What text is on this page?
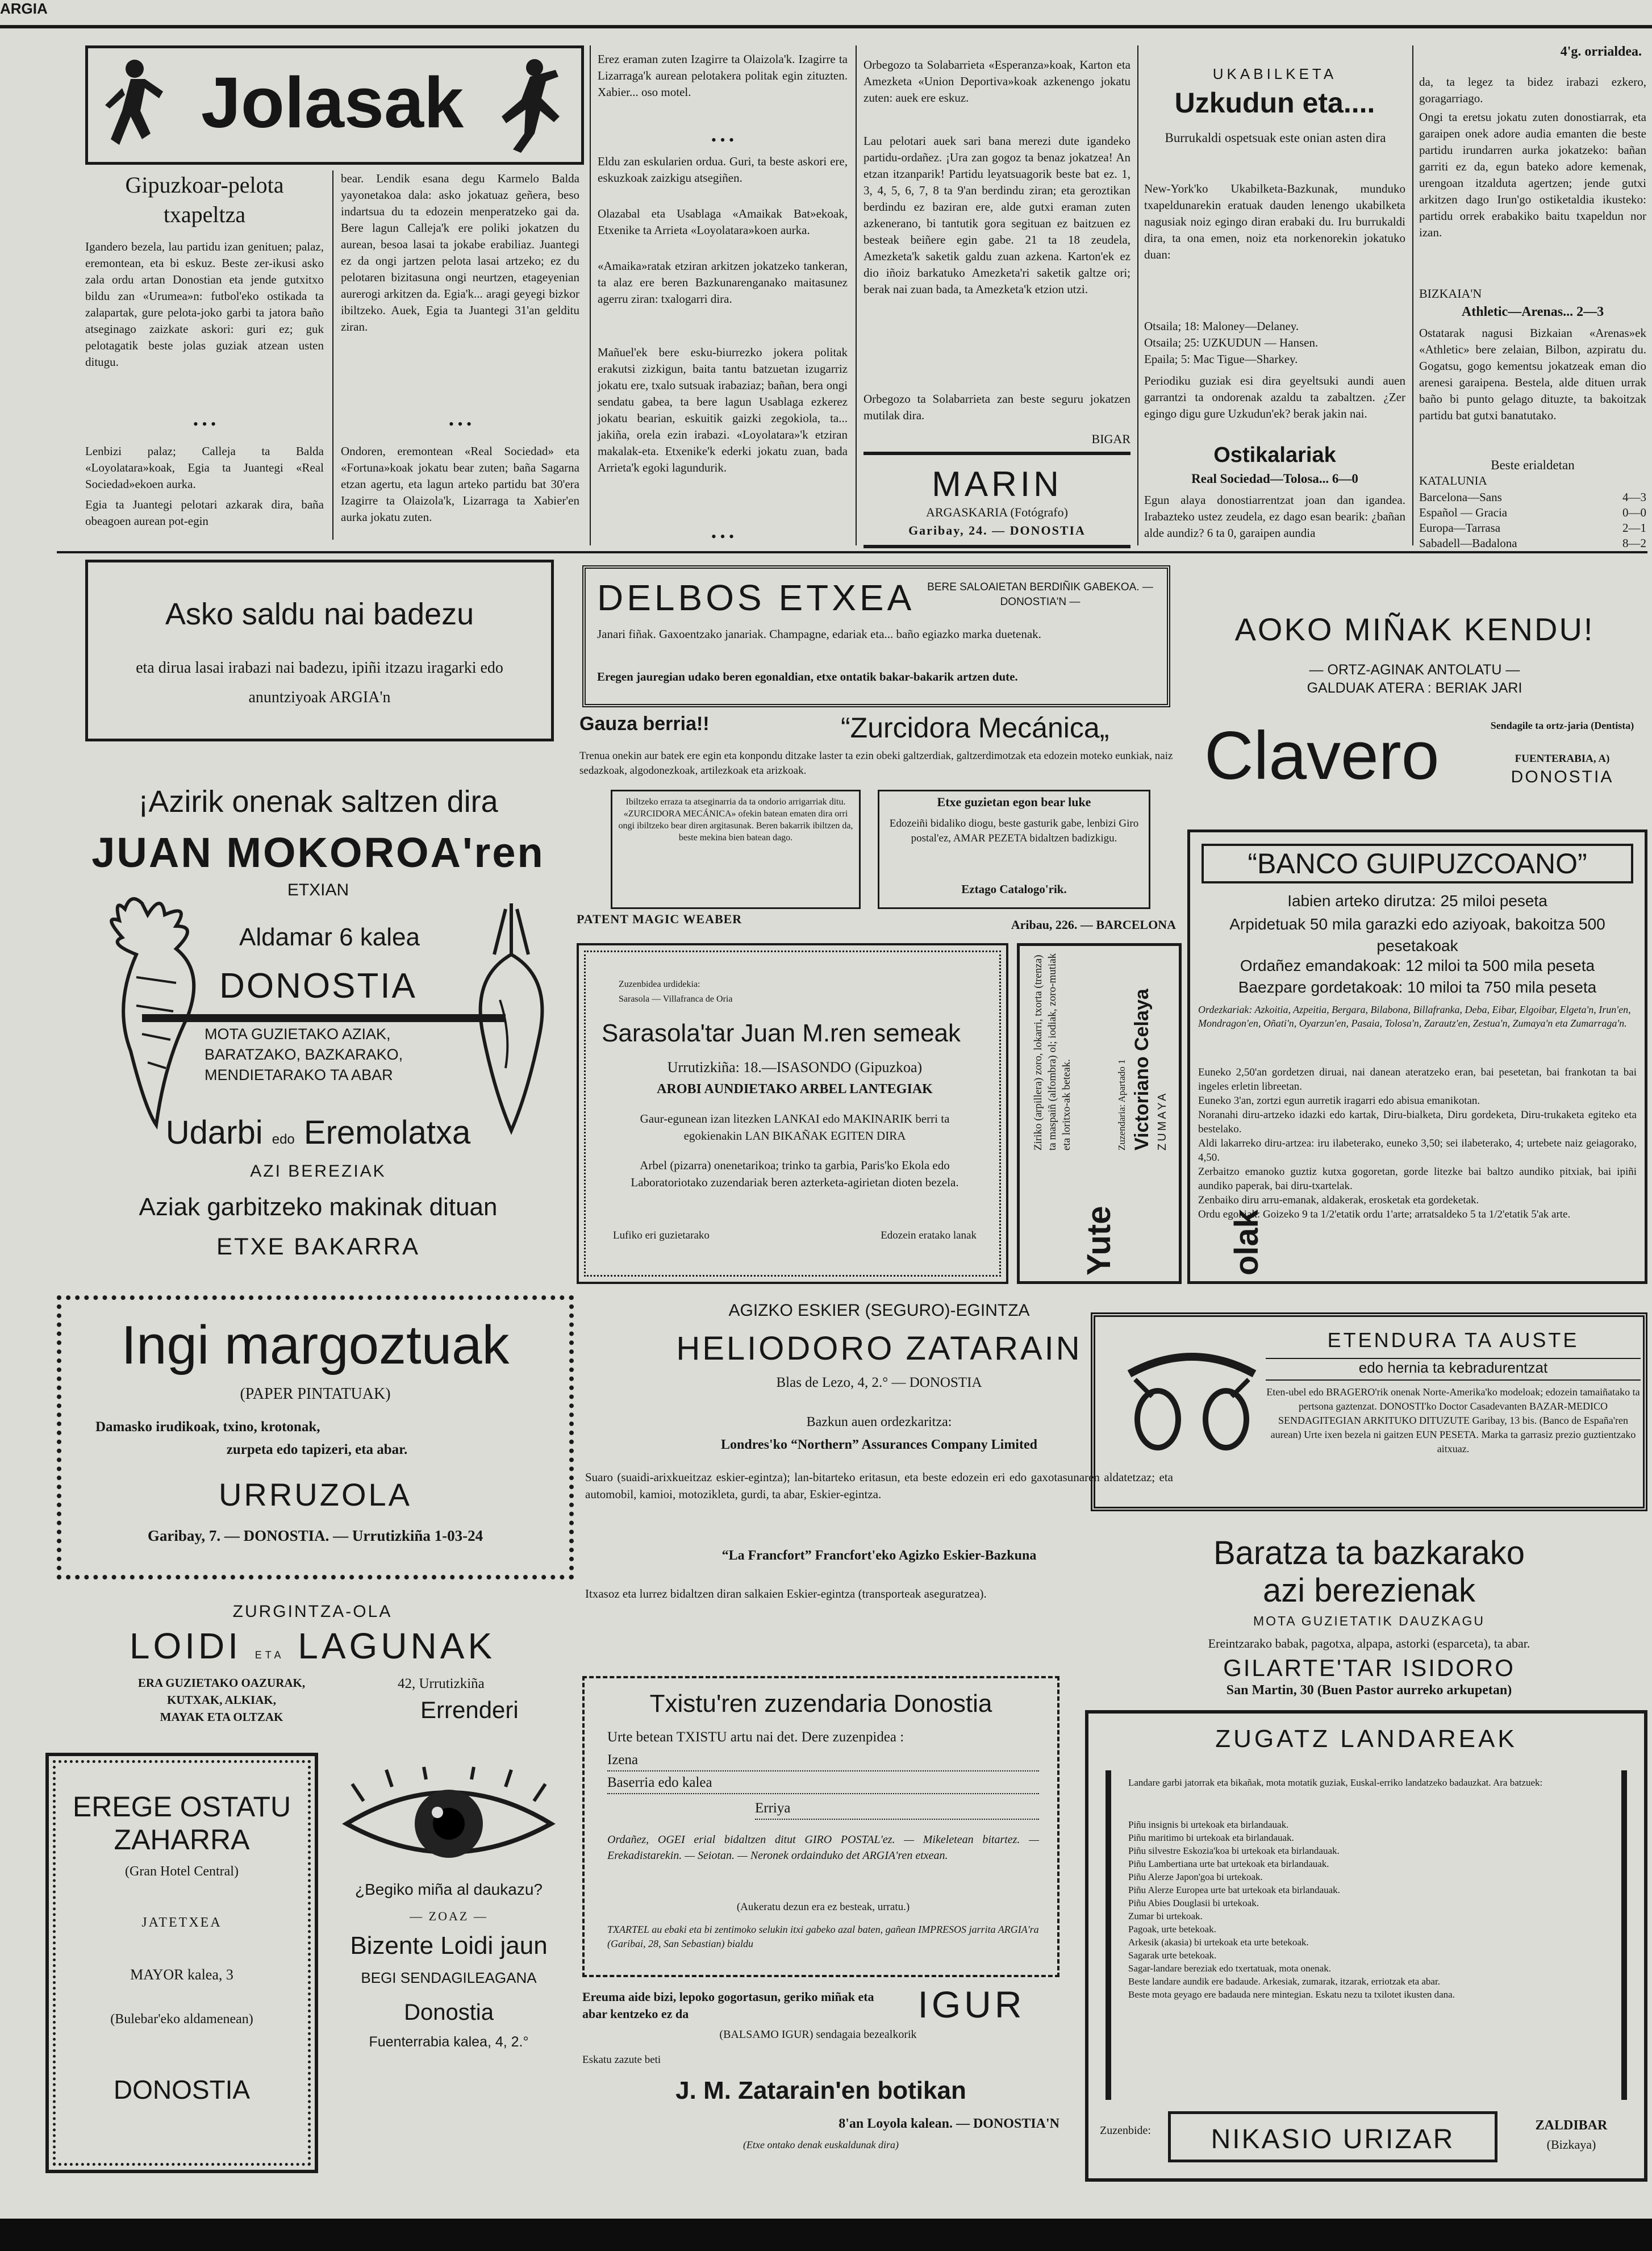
ARGIA
4'g. orrialdea.
Jolasak
Gipuzkoar-pelota txapeltza
Igandero bezela, lau partidu izan genituen; palaz, eremontean, eta bi eskuz. Beste zer-ikusi asko zala ordu artan Donostian eta jende gutxitxo bildu zan «Urumea»n: futbol'eko ostikada ta zalapartak, gure pelota-joko garbi ta jatora baño atseginago zaizkate askori: guri ez; guk pelotagatik beste jolas guziak atzean usten ditugu.
• • •
Lenbizi palaz; Calleja ta Balda «Loyolatara»koak, Egia ta Juantegi «Real Sociedad»ekoen aurka.
Egia ta Juantegi pelotari azkarak dira, baña obeagoen aurean pot-egin
bear. Lendik esana degu Karmelo Balda yayonetakoa dala: asko jokatuaz geñera, beso indartsua du ta edozein menperatzeko gai da. Bere lagun Calleja'k ere poliki jokatzen du aurean, besoa lasai ta jokabe erabiliaz. Juantegi ez da ongi jartzen pelota lasai artzeko; ez du pelotaren bizitasuna ongi neurtzen, etageyenian aurerogi arkitzen da. Egia'k... aragi geyegi bizkor ibiltzeko. Auek, Egia ta Juantegi 31'an gelditu ziran.
• • •
Ondoren, eremontean «Real Sociedad» eta «Fortuna»koak jokatu bear zuten; baña Sagarna etzan agertu, eta lagun arteko partidu bat 30'era Izagirre ta Olaizola'k, Lizarraga ta Xabier'en aurka jokatu zuten.
Erez eraman zuten Izagirre ta Olaizola'k. Izagirre ta Lizarraga'k aurean pelotakera politak egin zituzten. Xabier... oso motel.
• • •
Eldu zan eskularien ordua. Guri, ta beste askori ere, eskuzkoak zaizkigu atsegiñen.
Olazabal eta Usablaga «Amaikak Bat»ekoak, Etxenike ta Arrieta «Loyolatara»koen aurka.
«Amaika»ratak etziran arkitzen jokatzeko tankeran, ta alaz ere beren Bazkunarenganako maitasunez agerru ziran: txalogarri dira.
Mañuel'ek bere esku-biurrezko jokera politak erakutsi zizkigun, baita tantu batzuetan izugarriz jokatu ere, txalo sutsuak irabaziaz; bañan, bera ongi sendatu gabea, ta bere lagun Usablaga ezkerez jokatu bearian, eskuitik gaizki zegokiola, ta... jakiña, orela ezin irabazi. «Loyolatara»'k etziran makalak-eta. Etxenike'k ederki jokatu zuan, bada Arrieta'k egoki lagundurik.
• • •
Orbegozo ta Solabarrieta «Esperanza»koak, Karton eta Amezketa «Union Deportiva»koak azkenengo jokatu zuten: auek ere eskuz.
Lau pelotari auek sari bana merezi dute igandeko partidu-ordañez. ¡Ura zan gogoz ta benaz jokatzea! An etzan itzanparik! Partidu leyatsuagorik beste bat ez. 1, 3, 4, 5, 6, 7, 8 ta 9'an berdindu ziran; eta geroztikan berdindu ez baziran ere, alde gutxi eraman zuten azkenerano, bi tantutik gora segituan ez baitzuen ez besteak beiñere egin gabe. 21 ta 18 zeudela, Amezketa'k saketik galdu zuan azkena. Karton'ek ez dio iñoiz barkatuko Amezketa'ri saketik galtze ori; berak nai zuan bada, ta Amezketa'k etzion utzi.
Orbegozo ta Solabarrieta zan beste seguru jokatzen mutilak dira.
BIGAR
MARIN
ARGASKARIA (Fotógrafo)
Garibay, 24. — DONOSTIA
UKABILKETA
Uzkudun eta....
Burrukaldi ospetsuak este onian asten dira
New-York'ko Ukabilketa-Bazkunak, munduko txapeldunarekin eratuak dauden lenengo ukabilketa nagusiak noiz egingo diran erabaki du. Iru burrukaldi dira, ta ona emen, noiz eta norkenorekin jokatuko duan:
Otsaila; 18: Maloney—Delaney.
Otsaila; 25: UZKUDUN — Hansen.
Epaila; 5: Mac Tigue—Sharkey.
Periodiku guziak esi dira geyeltsuki aundi auen garrantzi ta ondorenak azaldu ta zabaltzen. ¿Zer egingo digu gure Uzkudun'ek? berak jakin nai.
Ostikalariak
Real Sociedad—Tolosa... 6—0
Egun alaya donostiarrentzat joan dan igandea. Irabazteko ustez zeudela, ez dago esan bearik: ¿bañan alde aundiz? 6 ta 0, garaipen aundia
da, ta legez ta bidez irabazi ezkero, goragarriago.
Ongi ta eretsu jokatu zuten donostiarrak, eta garaipen onek adore audia emanten die beste partidu irundarren aurka jokatzeko: bañan garriti ez da, egun bateko adore kemenak, urengoan itzalduta agertzen; jende gutxi arkitzen dago Irun'go ostiketaldia ikusteko: partidu orrek erabakiko baitu txapeldun nor izan.
BIZKAIA'N
Athletic—Arenas... 2—3
Ostatarak nagusi Bizkaian «Arenas»ek «Athletic» bere zelaian, Bilbon, azpiratu du. Gogatsu, gogo kementsu jokatzeak eman dio arenesi garaipena. Bestela, alde dituen urrak baño bi punto gelago dituzte, ta bakoitzak partidu bat gutxi banatutako.
Beste erialdetan
KATALUNIA
Barcelona—Sans	4—3
Español — Gracia	0—0
Europa—Tarrasa	2—1
Sabadell—Badalona	8—2
Asko saldu nai badezu
eta dirua lasai irabazi nai badezu, ipiñi itzazu iragarki edo anuntziyoak ARGIA'n
DELBOS ETXEA BERE SALOAIETAN BERDIÑIK GABEKOA. — DONOSTIA'N —
Janari fiñak. Gaxoentzako janariak. Champagne, edariak eta... baño egiazko marka duetenak.
Eregen jauregian udako beren egonaldian, etxe ontatik bakar-bakarik artzen dute.
AOKO MIÑAK KENDU!
— ORTZ-AGINAK ANTOLATU —
GALDUAK ATERA : BERIAK JARI
Clavero	Sendagile ta ortz-jaria (Dentista)
FUENTERABIA, A)
DONOSTIA
Gauza berria!!	“Zurcidora Mecánica„
Trenua onekin aur batek ere egin eta konpondu ditzake laster ta ezin obeki galtzerdiak, galtzerdimotzak eta edozein moteko eunkiak, naiz sedazkoak, algodonezkoak, artilezkoak eta arizkoak.
Ibiltzeko erraza ta atseginarria da ta ondorio arrigarriak ditu. «ZURCIDORA MECÁNICA» ofekin batean ematen dira orri ongi ibiltzeko bear diren argitasunak. Beren bakarrik ibiltzen da, beste mekina bien batean dago.
Etxe guzietan egon bear luke
Edozeiñi bidaliko diogu, beste gasturik gabe, lenbizi Giro postal'ez, AMAR PEZETA bidaltzen badizkigu.
Eztago Catalogo'rik.
PATENT MAGIC WEABER	Aribau, 226. — BARCELONA
¡Azirik onenak saltzen dira
JUAN MOKOROA'ren
ETXIAN
Aldamar 6 kalea
DONOSTIA
MOTA GUZIETAKO AZIAK,
BARATZAKO, BAZKARAKO,
MENDIETARAKO TA ABAR
Udarbi edo Eremolatxa
AZI BEREZIAK
Aziak garbitzeko makinak dituan
ETXE BAKARRA
Zuzenbidea urdidekia:
Sarasola — Villafranca de Oria
Sarasola'tar Juan M.ren semeak
Urrutizkiña: 18.—ISASONDO (Gipuzkoa)
AROBI AUNDIETAKO ARBEL LANTEGIAK
Gaur-egunean izan litezken LANKAI edo MAKINARIK berri ta egokienakin LAN BIKAÑAK EGITEN DIRA
Arbel (pizarra) onenetarikoa; trinko ta garbia, Paris'ko Ekola edo Laboratoriotako zuzendariak beren azterketa-agirietan dioten bezela.
Lufiko eri guzietarako	Edozein eratako lanak	Yute olak
Ziriko (arpillera) zoro, lokarri, txorta (trenza) ta maspaiñ (alfombra) ol; iodiak, zoro-mutiak eta loritxo-ak beteak.	Zuzendaria: Apartado 1 Victoriano Celaya ZUMAYA
“BANCO GUIPUZCOANO”
Iabien arteko dirutza: 25 miloi peseta
Arpidetuak 50 mila garazki edo aziyoak, bakoitza 500 pesetakoak
Ordañez emandakoak: 12 miloi ta 500 mila peseta
Baezpare gordetakoak: 10 miloi ta 750 mila peseta
Ordezkariak: Azkoitia, Azpeitia, Bergara, Bilabona, Billafranka, Deba, Eibar, Elgoibar, Elgeta'n, Irun'en, Mondragon'en, Oñati'n, Oyarzun'en, Pasaia, Tolosa'n, Zarautz'en, Zestua'n, Zumaya'n eta Zumarraga'n.

Euneko 2,50'an gordetzen diruai, nai danean ateratzeko eran, bai pesetetan, bai frankotan ta bai ingeles erletin libreetan.

Euneko 3'an, zortzi egun aurretik iragarri edo abisua emanikotan.

Noranahi diru-artzeko idazki edo kartak, Diru-bialketa, Diru gordeketa, Diru-trukaketa egiteko eta bestelako.

Aldi lakarreko diru-artzea: iru ilabeterako, euneko 3,50; sei ilabeterako, 4; urtebete naiz geiagorako, 4,50.

Zerbaitzo emanoko guztiz kutxa gogoretan, gorde litezke bai baltzo aundiko pitxiak, bai ipiñi aundiko paperak, bai diru-txartelak.

Zenbaiko diru arru-emanak, aldakerak, erosketak eta gordeketak.

Ordu egokiak: Goizeko 9 ta 1/2'etatik ordu 1'arte; arratsaldeko 5 ta 1/2'etatik 5'ak arte.

Ingi margoztuak
(PAPER PINTATUAK)
Damasko irudikoak, txino, krotonak,
zurpeta edo tapizeri, eta abar.
URRUZOLA
Garibay, 7. — DONOSTIA. — Urrutizkiña 1-03-24
AGIZKO ESKIER (SEGURO)-EGINTZA
HELIODORO ZATARAIN
Blas de Lezo, 4, 2.° — DONOSTIA
Bazkun auen ordezkaritza:
Londres'ko “Northern” Assurances Company Limited
Suaro (suaidi-arixkueitzaz eskier-egintza); lan-bitarteko eritasun, eta beste edozein eri edo gaxotasunaren aldatetzaz; eta automobil, kamioi, motozikleta, gurdi, ta abar, Eskier-egintza.
“La Francfort” Francfort'eko Agizko Eskier-Bazkuna
Itxasoz eta lurrez bidaltzen diran salkaien Eskier-egintza (transporteak aseguratzea).
ETENDURA TA AUSTE
edo hernia ta kebradurentzat
Eten-ubel edo BRAGERO'rik onenak Norte-Amerika'ko modeloak; edozein tamaiñatako ta pertsona gaztenzat. DONOSTI'ko Doctor Casadevanten BAZAR-MEDICO SENDAGITEGIAN ARKITUKO DITUZUTE Garibay, 13 bis. (Banco de España'ren aurean) Urte ixen bezela ni gaitzen EUN PESETA. Marka ta garrasiz prezio guztientzako aitxuaz.
Baratza ta bazkarako
azi berezienak
MOTA GUZIETATIK DAUZKAGU
Ereintzarako babak, pagotxa, alpapa, astorki (esparceta), ta abar.
GILARTE'TAR ISIDORO
San Martin, 30 (Buen Pastor aurreko arkupetan)
ZURGINTZA-OLA
LOIDI ETA LAGUNAK
ERA GUZIETAKO OAZURAK,
KUTXAK, ALKIAK,
MAYAK ETA OLTZAK
42, Urrutizkiña
Errenderi
EREGE OSTATU ZAHARRA
(Gran Hotel Central)
JATETXEA
MAYOR kalea, 3
(Bulebar'eko aldamenean)
DONOSTIA
¿Begiko miña al daukazu?
— ZOAZ —
Bizente Loidi jaun
BEGI SENDAGILEAGANA
Donostia
Fuenterrabia kalea, 4, 2.°
Txistu'ren zuzendaria Donostia
Urte betean TXISTU artu nai det. Dere zuzenpidea :
Izena
Baserria edo kalea
Erriya
Ordañez, OGEI erial bidaltzen ditut GIRO POSTAL'ez. — Mikeletean bitartez. — Erekadistarekin. — Seiotan. — Neronek ordainduko det ARGIA'ren etxean.
(Aukeratu dezun era ez besteak, urratu.)
TXARTEL au ebaki eta bi zentimoko selukin itxi gabeko azal baten, gañean IMPRESOS jarrita ARGIA'ra (Garibai, 28, San Sebastian) bialdu
Ereuma aide bizi, lepoko gogortasun, geriko miñak eta abar kentzeko ez da	IGUR
(BALSAMO IGUR) sendagaia bezealkorik
Eskatu zazute beti
J. M. Zatarain'en botikan
8'an Loyola kalean. — DONOSTIA'N
(Etxe ontako denak euskaldunak dira)
ZUGATZ LANDAREAK
Landare garbi jatorrak eta bikañak, mota motatik guziak, Euskal-erriko landatzeko badauzkat. Ara batzuek:
Piñu insignis bi urtekoak eta birlandauak.
Piñu maritimo bi urtekoak eta birlandauak.
Piñu silvestre Eskozia'koa bi urtekoak eta birlandauak.
Piñu Lambertiana urte bat urtekoak eta birlandauak.
Piñu Alerze Japon'goa bi urtekoak.
Piñu Alerze Europea urte bat urtekoak eta birlandauak.
Piñu Abies Douglasii bi urtekoak.
Zumar bi urtekoak.
Pagoak, urte betekoak.
Arkesik (akasia) bi urtekoak eta urte betekoak.
Sagarak urte betekoak.
Sagar-landare bereziak edo txertatuak, mota onenak.
Beste landare aundik ere badaude. Arkesiak, zumarak, itzarak, erriotzak eta abar.
Beste mota geyago ere badauda nere mintegian. Eskatu nezu ta txilotet ikusten dana.
Zuzenbide:	NIKASIO URIZAR	ZALDIBAR
(Bizkaya)
